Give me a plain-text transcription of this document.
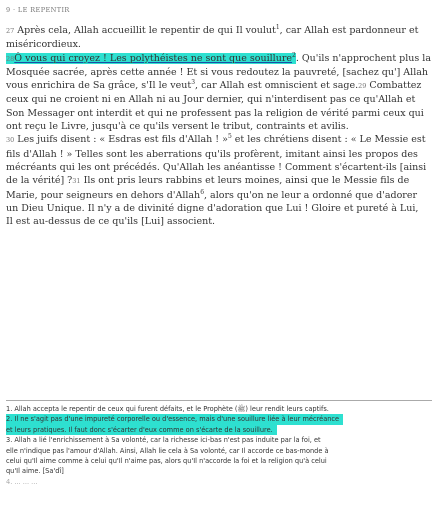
9 · LE REPENTIR
27 Après cela, Allah accueillit le repentir de qui Il voulut$^1$, car Allah est pardonneur et
miséricordieux.
28Ô vous qui croyez ! Les polythéistes ne sont que souillure$^2$. Qu'ils n'approchent plus la
Mosquée sacrée, après cette année ! Et si vous redoutez la pauvreté, [sachez qu'] Allah
vous enrichira de Sa grâce, s'Il le veut$^3$, car Allah est omniscient et sage.29 Combattez
ceux qui ne croient ni en Allah ni au Jour dernier, qui n'interdisent pas ce qu'Allah et
Son Messager ont interdit et qui ne professent pas la religion de vérité parmi ceux qui
ont reçu le Livre, jusqu'à ce qu'ils versent le tribut, contraints et avilis.
30 Les juifs disent : « Esdras est fils d'Allah ! »$^5$ et les chrétiens disent : « Le Messie est
fils d'Allah ! » Telles sont les aberrations qu'ils profèrent, imitant ainsi les propos des
mécréants qui les ont précédés. Qu'Allah les anéantisse ! Comment s'écartent-ils [ainsi
de la vérité] ?31 Ils ont pris leurs rabbins et leurs moines, ainsi que le Messie fils de
Marie, pour seigneurs en dehors d'Allah$^6$, alors qu'on ne leur a ordonné que d'adorer
un Dieu Unique. Il n'y a de divinité digne d'adoration que Lui ! Gloire et pureté à Lui,
Il est au-dessus de ce qu'ils [Lui] associent.
1. Allah accepta le repentir de ceux qui furent défaits, et le Prophète (ﷺ) leur rendit leurs captifs.
2. Il ne s'agit pas d'une impureté corporelle ou d'essence, mais d'une souillure liée à leur mécréance
et leurs pratiques. Il faut donc s'écarter d'eux comme on s'écarte de la souillure.
3. Allah a lié l'enrichissement à Sa volonté, car la richesse ici-bas n'est pas induite par la foi, et
elle n'indique pas l'amour d'Allah. Ainsi, Allah lie cela à Sa volonté, car Il accorde ce bas-monde à
celui qu'Il aime comme à celui qu'Il n'aime pas, alors qu'Il n'accorde la foi et la religion qu'à celui
qu'Il aime. [Sa'dî]
4. ... ... ...
